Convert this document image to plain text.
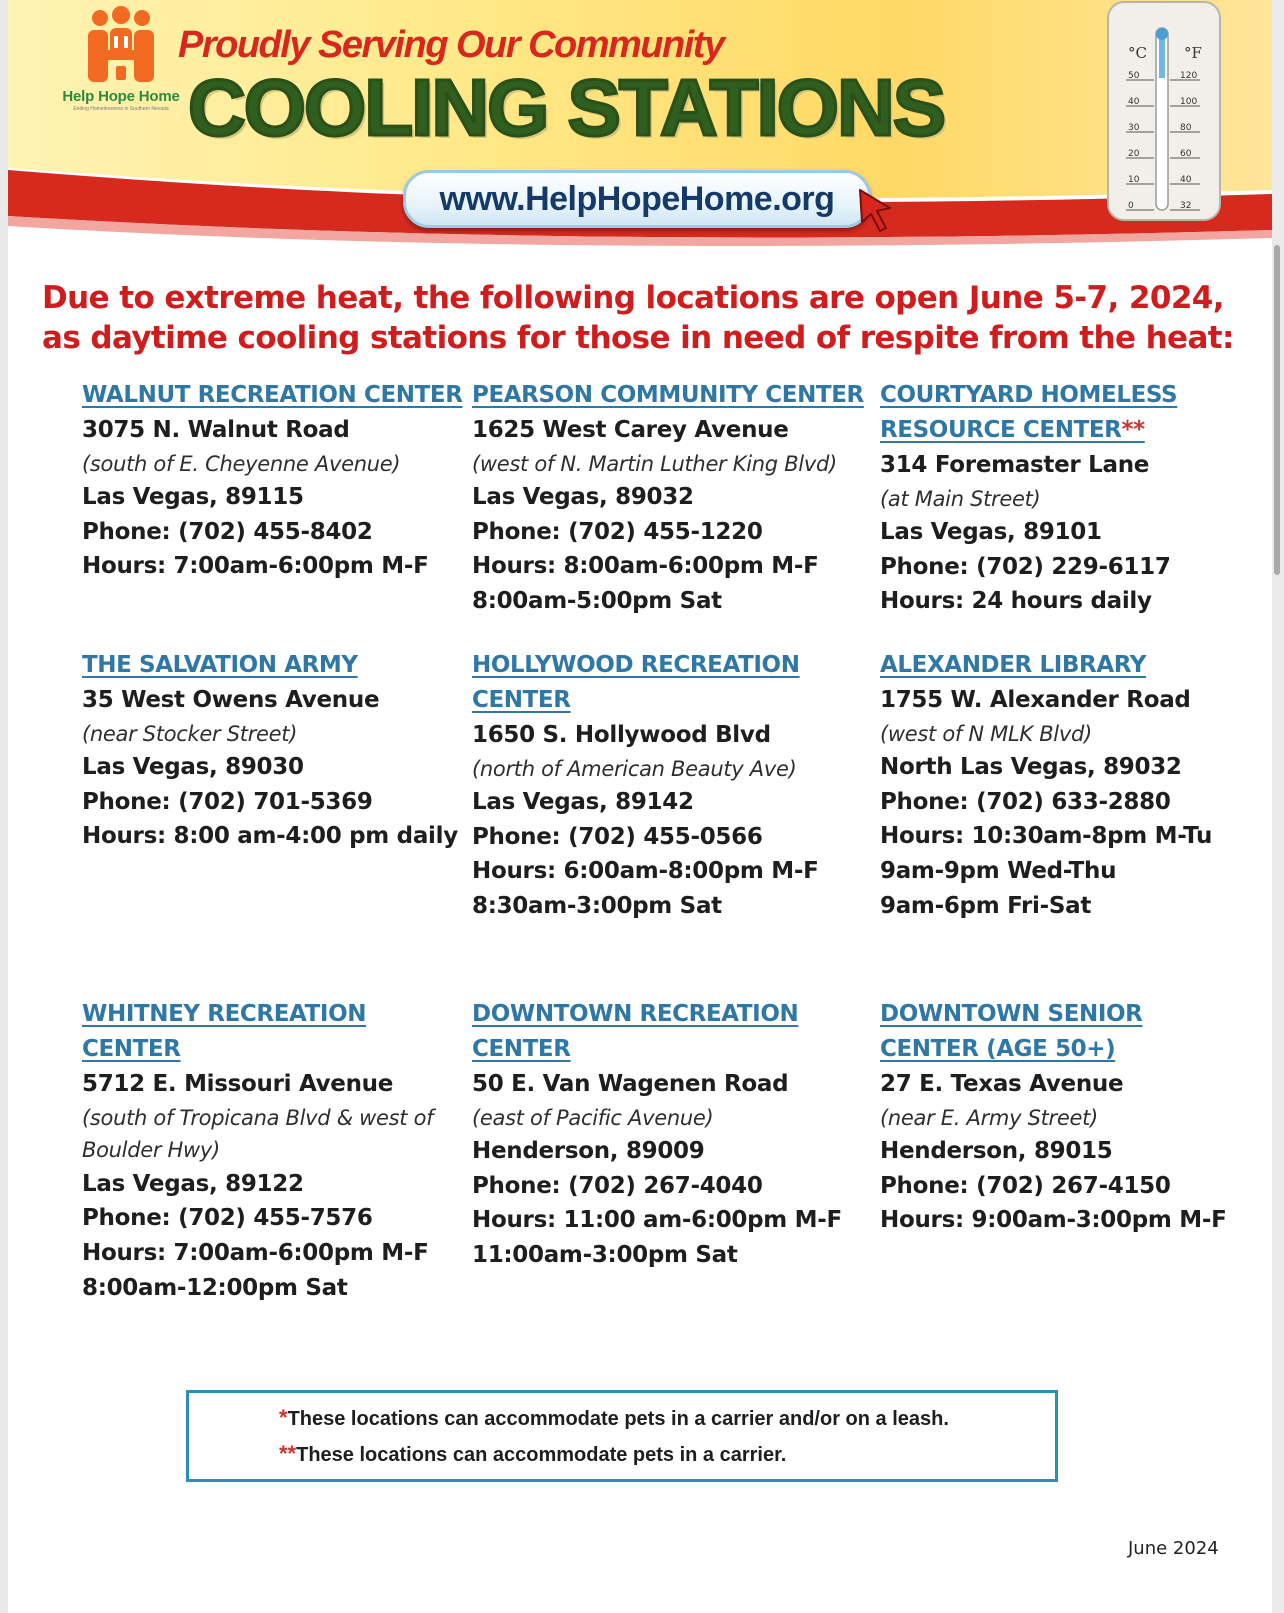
Help Hope Home
Ending Homelessness in Southern Nevada
Proudly Serving Our Community
COOLING STATIONS
www.HelpHopeHome.org
°C °F
50
40
30
20
10
0
120
100
80
60
40
32

Due to extreme heat, the following locations are open June 5-7, 2024,
as daytime cooling stations for those in need of respite from the heat:

WALNUT RECREATION CENTER
3075 N. Walnut Road
(south of E. Cheyenne Avenue)
Las Vegas, 89115
Phone: (702) 455-8402
Hours: 7:00am-6:00pm M-F
PEARSON COMMUNITY CENTER
1625 West Carey Avenue
(west of N. Martin Luther King Blvd)
Las Vegas, 89032
Phone: (702) 455-1220
Hours: 8:00am-6:00pm M-F
8:00am-5:00pm Sat
COURTYARD HOMELESS
RESOURCE CENTER**
314 Foremaster Lane
(at Main Street)
Las Vegas, 89101
Phone: (702) 229-6117
Hours: 24 hours daily
THE SALVATION ARMY
35 West Owens Avenue
(near Stocker Street)
Las Vegas, 89030
Phone: (702) 701-5369
Hours: 8:00 am-4:00 pm daily
HOLLYWOOD RECREATION
CENTER
1650 S. Hollywood Blvd
(north of American Beauty Ave)
Las Vegas, 89142
Phone: (702) 455-0566
Hours: 6:00am-8:00pm M-F
8:30am-3:00pm Sat
ALEXANDER LIBRARY
1755 W. Alexander Road
(west of N MLK Blvd)
North Las Vegas, 89032
Phone: (702) 633-2880
Hours: 10:30am-8pm M-Tu
9am-9pm Wed-Thu
9am-6pm Fri-Sat
WHITNEY RECREATION CENTER
5712 E. Missouri Avenue
(south of Tropicana Blvd & west of
Boulder Hwy)
Las Vegas, 89122
Phone: (702) 455-7576
Hours: 7:00am-6:00pm M-F
8:00am-12:00pm Sat
DOWNTOWN RECREATION
CENTER
50 E. Van Wagenen Road
(east of Pacific Avenue)
Henderson, 89009
Phone: (702) 267-4040
Hours: 11:00 am-6:00pm M-F
11:00am-3:00pm Sat
DOWNTOWN SENIOR
CENTER (AGE 50+)
27 E. Texas Avenue
(near E. Army Street)
Henderson, 89015
Phone: (702) 267-4150
Hours: 9:00am-3:00pm M-F
*These locations can accommodate pets in a carrier and/or on a leash.
**These locations can accommodate pets in a carrier.
June 2024
